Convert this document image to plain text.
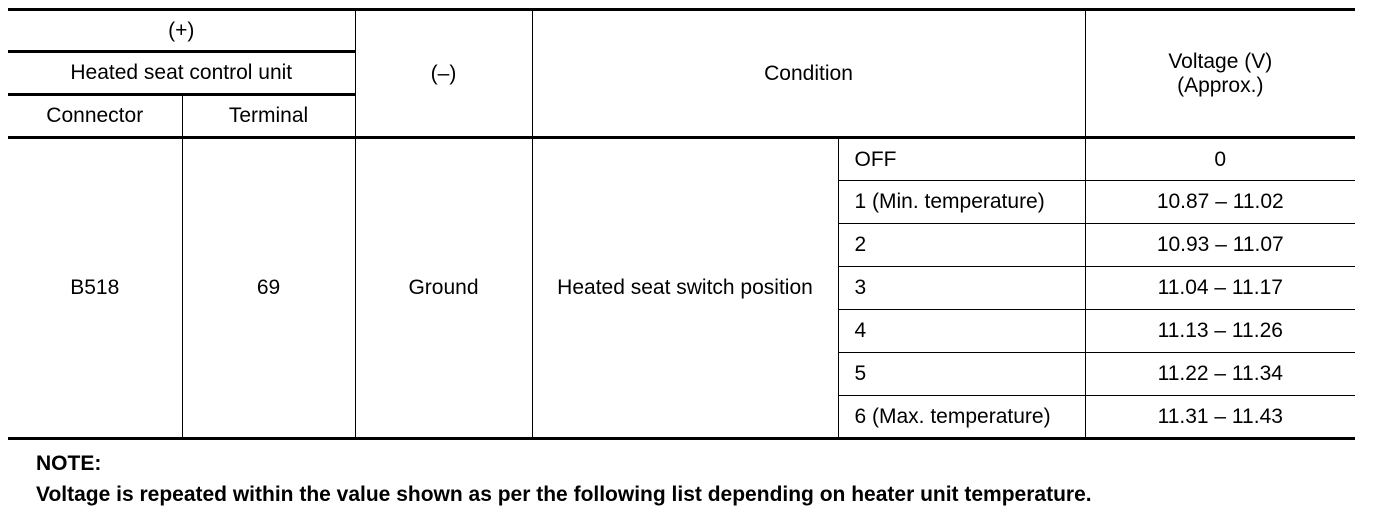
(+)		(–)	Condition		Voltage (V)
(Approx.)

Heated seat control unit					
Connector	Terminal				
B518	69	Ground	Heated seat switch position	OFF	0
				1 (Min. temperature)	10.87 – 11.02
				2	10.93 – 11.07
				3	11.04 – 11.17
				4	11.13 – 11.26
				5	11.22 – 11.34
				6 (Max. temperature)	11.31 – 11.43
NOTE:
Voltage is repeated within the value shown as per the following list depending on heater unit temperature.
